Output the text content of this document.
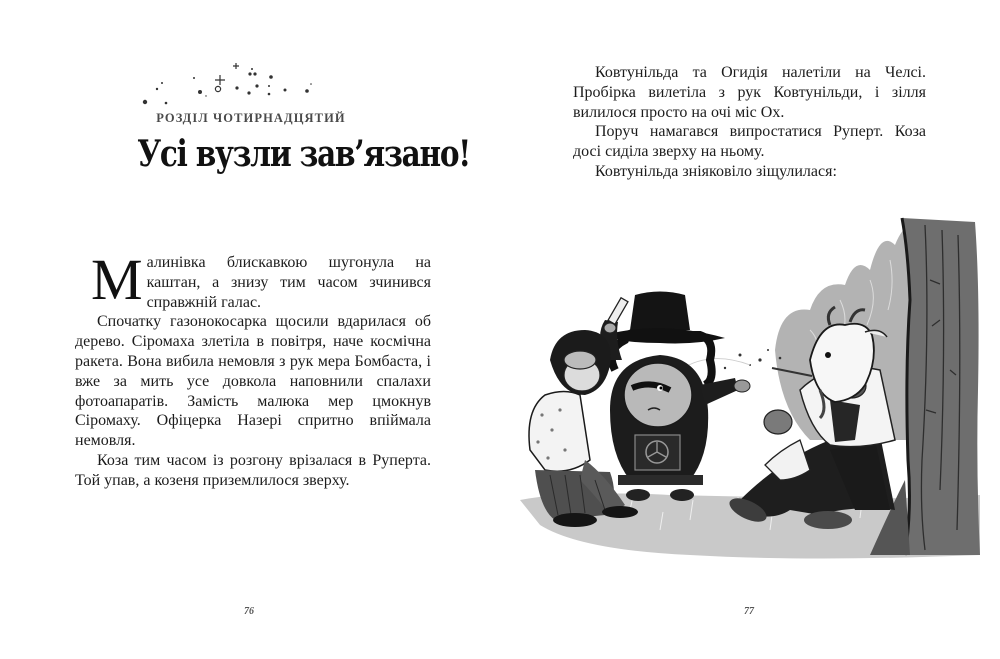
РОЗДІЛ ЧОТИРНАДЦЯТИЙ
Усі вузли зав’язано!

Малинівка блискавкою шугонула на каштан, а знизу тим часом зчинився справжній галас.

Спочатку газонокосарка щосили вдарилася об дерево. Сіромаха злетіла в повітря, наче космічна ракета. Вона вибила немовля з рук мера Бомбаста, і вже за мить усе довкола наповнили спалахи фотоапаратів. Замість малюка мер цмокнув Сіромаху. Офіцерка Назері спритно впіймала немовля.

Коза тим часом із розгону врізалася в Руперта. Той упав, а козеня приземлилося зверху.

76

Ковтунільда та Огидія налетіли на Челсі. Пробірка вилетіла з рук Ковтунільди, і зілля вилилося просто на очі міс Ох.

Поруч намагався випростатися Руперт. Коза досі сиділа зверху на ньому.

Ковтунільда зніяковіло зіщулилася:

77
